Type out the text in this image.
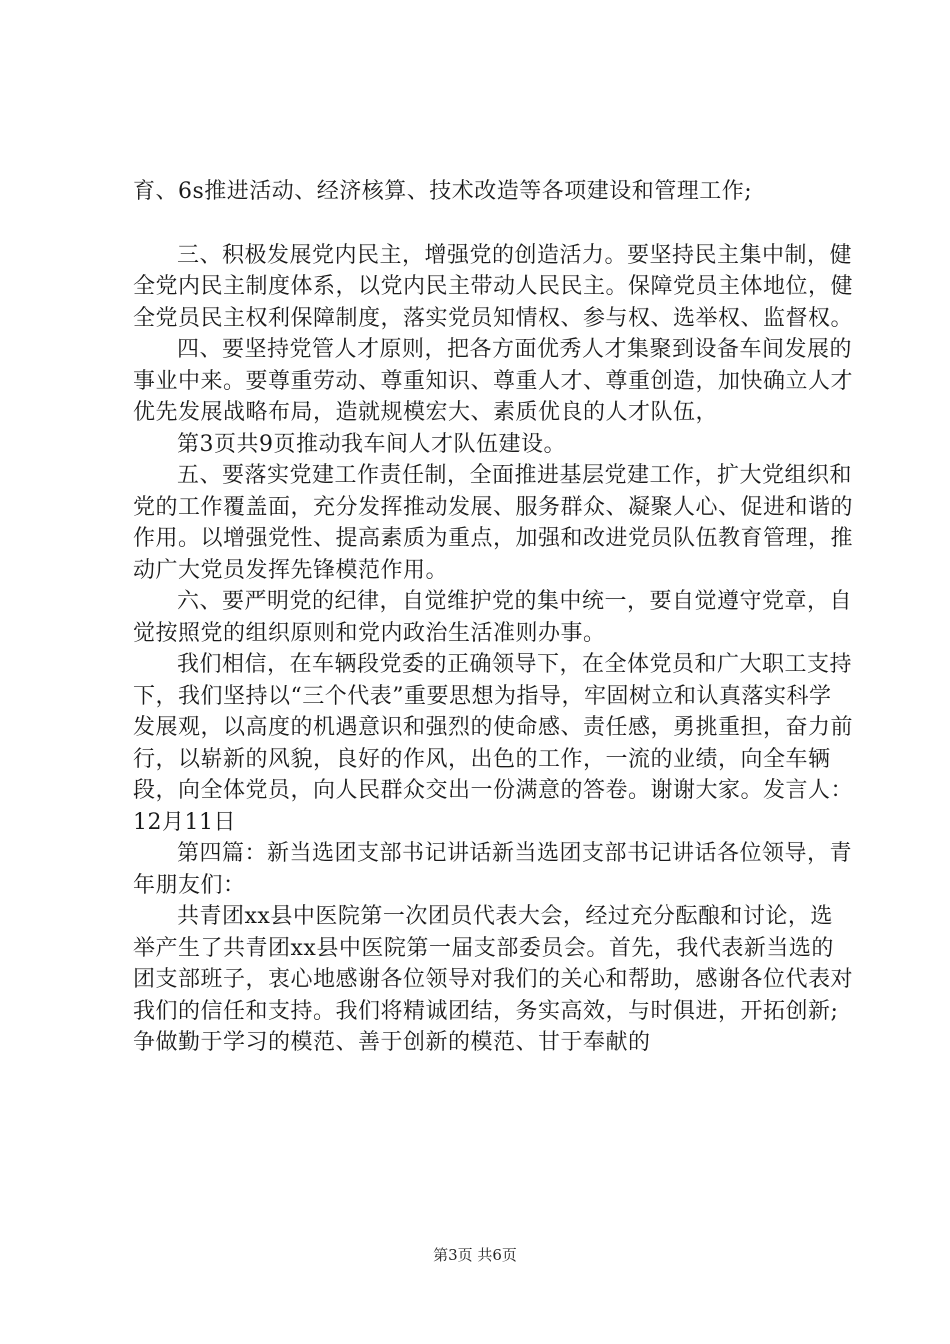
育、6s推进活动、经济核算、技术改造等各项建设和管理工作;

三、积极发展党内民主，增强党的创造活力。要坚持民主集中制，健全党内民主制度体系，以党内民主带动人民民主。保障党员主体地位，健全党员民主权利保障制度，落实党员知情权、参与权、选举权、监督权。

四、要坚持党管人才原则，把各方面优秀人才集聚到设备车间发展的事业中来。要尊重劳动、尊重知识、尊重人才、尊重创造，加快确立人才优先发展战略布局，造就规模宏大、素质优良的人才队伍，

第3页共9页推动我车间人才队伍建设。

五、要落实党建工作责任制，全面推进基层党建工作，扩大党组织和党的工作覆盖面，充分发挥推动发展、服务群众、凝聚人心、促进和谐的作用。以增强党性、提高素质为重点，加强和改进党员队伍教育管理，推动广大党员发挥先锋模范作用。

六、要严明党的纪律，自觉维护党的集中统一，要自觉遵守党章，自觉按照党的组织原则和党内政治生活准则办事。

我们相信，在车辆段党委的正确领导下，在全体党员和广大职工支持下，我们坚持以“三个代表”重要思想为指导，牢固树立和认真落实科学发展观，以高度的机遇意识和强烈的使命感、责任感，勇挑重担，奋力前行，以崭新的风貌，良好的作风，出色的工作，一流的业绩，向全车辆段，向全体党员，向人民群众交出一份满意的答卷。谢谢大家。发言人：12月11日

第四篇：新当选团支部书记讲话新当选团支部书记讲话各位领导，青年朋友们：

共青团xx县中医院第一次团员代表大会，经过充分酝酿和讨论，选举产生了共青团xx县中医院第一届支部委员会。首先，我代表新当选的团支部班子，衷心地感谢各位领导对我们的关心和帮助，感谢各位代表对我们的信任和支持。我们将精诚团结，务实高效，与时俱进，开拓创新;争做勤于学习的模范、善于创新的模范、甘于奉献的

第3页 共6页
